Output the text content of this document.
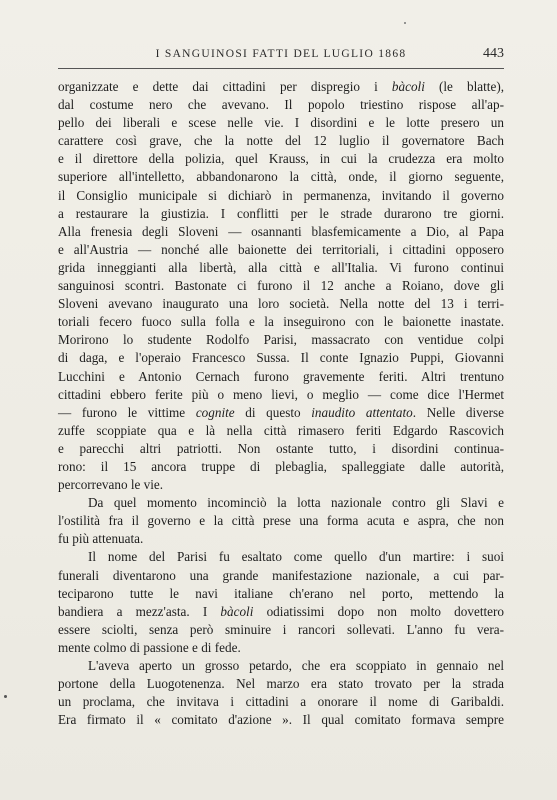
I SANGUINOSI FATTI DEL LUGLIO 1868	443
organizzate e dette dai cittadini per dispregio i bàcoli (le blatte),
dal costume nero che avevano. Il popolo triestino rispose all'ap-
pello dei liberali e scese nelle vie. I disordini e le lotte presero un
carattere così grave, che la notte del 12 luglio il governatore Bach
e il direttore della polizia, quel Krauss, in cui la crudezza era molto
superiore all'intelletto, abbandonarono la città, onde, il giorno seguente,
il Consiglio municipale si dichiarò in permanenza, invitando il governo
a restaurare la giustizia. I conflitti per le strade durarono tre giorni.
Alla frenesia degli Sloveni — osannanti blasfemicamente a Dio, al Papa
e all'Austria — nonché alle baionette dei territoriali, i cittadini opposero
grida inneggianti alla libertà, alla città e all'Italia. Vi furono continui
sanguinosi scontri. Bastonate ci furono il 12 anche a Roiano, dove gli
Sloveni avevano inaugurato una loro società. Nella notte del 13 i terri-
toriali fecero fuoco sulla folla e la inseguirono con le baionette inastate.
Morirono lo studente Rodolfo Parisi, massacrato con ventidue colpi
di daga, e l'operaio Francesco Sussa. Il conte Ignazio Puppi, Giovanni
Lucchini e Antonio Cernach furono gravemente feriti. Altri trentuno
cittadini ebbero ferite più o meno lievi, o meglio — come dice l'Hermet
— furono le vittime cognite di questo inaudito attentato. Nelle diverse
zuffe scoppiate qua e là nella città rimasero feriti Edgardo Rascovich
e parecchi altri patriotti. Non ostante tutto, i disordini continua-
rono: il 15 ancora truppe di plebaglia, spalleggiate dalle autorità,
percorrevano le vie.
Da quel momento incominciò la lotta nazionale contro gli Slavi e
l'ostilità fra il governo e la città prese una forma acuta e aspra, che non
fu più attenuata.
Il nome del Parisi fu esaltato come quello d'un martire: i suoi
funerali diventarono una grande manifestazione nazionale, a cui par-
teciparono tutte le navi italiane ch'erano nel porto, mettendo la
bandiera a mezz'asta. I bàcoli odiatissimi dopo non molto dovettero
essere sciolti, senza però sminuire i rancori sollevati. L'anno fu vera-
mente colmo di passione e di fede.
L'aveva aperto un grosso petardo, che era scoppiato in gennaio nel
portone della Luogotenenza. Nel marzo era stato trovato per la strada
un proclama, che invitava i cittadini a onorare il nome di Garibaldi.
Era firmato il « comitato d'azione ». Il qual comitato formava sempre
